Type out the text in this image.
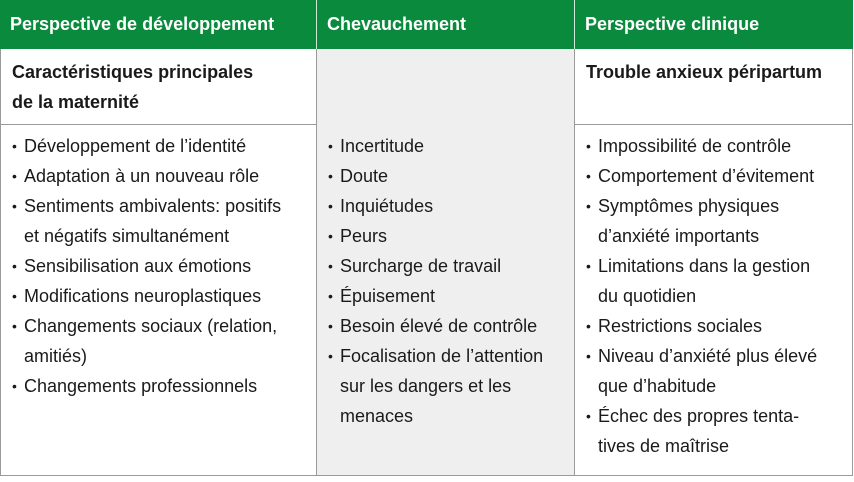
Perspective de développement	Chevauchement	Perspective clinique
Caractéristiques principales
de la maternité
• Développement de l’identité
• Adaptation à un nouveau rôle
• Sentiments ambivalents: positifs
et négatifs simultanément
• Sensibilisation aux émotions
• Modifications neuroplastiques
• Changements sociaux (relation,
amitiés)
• Changements professionnels
• Incertitude
• Doute
• Inquiétudes
• Peurs
• Surcharge de travail
• Épuisement
• Besoin élevé de contrôle
• Focalisation de l’attention
sur les dangers et les
menaces
Trouble anxieux péripartum
• Impossibilité de contrôle
• Comportement d’évitement
• Symptômes physiques
d’anxiété importants
• Limitations dans la gestion
du quotidien
• Restrictions sociales
• Niveau d’anxiété plus élevé
que d’habitude
• Échec des propres tenta-
tives de maîtrise
